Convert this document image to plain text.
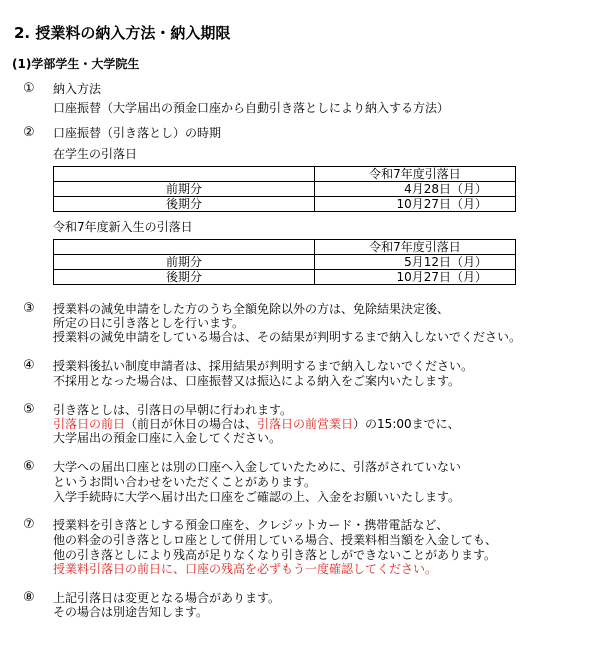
2. 授業料の納入方法・納入期限
(1)学部学生・大学院生
① 納入方法
口座振替（大学届出の預金口座から自動引き落としにより納入する方法）
② 口座振替（引き落とし）の時期
在学生の引落日
	令和7年度引落日
前期分	4月28日（月）
後期分	10月27日（月）
令和7年度新入生の引落日
	令和7年度引落日
前期分	5月12日（月）
後期分	10月27日（月）
③ 授業料の減免申請をした方のうち全額免除以外の方は、免除結果決定後、
所定の日に引き落としを行います。
授業料の減免申請をしている場合は、その結果が判明するまで納入しないでください。
④ 授業料後払い制度申請者は、採用結果が判明するまで納入しないでください。
不採用となった場合は、口座振替又は振込による納入をご案内いたします。
⑤ 引き落としは、引落日の早朝に行われます。
引落日の前日（前日が休日の場合は、引落日の前営業日）の15:00までに、
大学届出の預金口座に入金してください。
⑥ 大学への届出口座とは別の口座へ入金していたために、引落がされていない
というお問い合わせをいただくことがあります。
入学手続時に大学へ届け出た口座をご確認の上、入金をお願いいたします。
⑦ 授業料を引き落としする預金口座を、クレジットカード・携帯電話など、
他の料金の引き落としロ座として併用している場合、授業料相当額を入金しても、
他の引き落としにより残高が足りなくなり引き落としができないことがあります。
授業料引落日の前日に、口座の残高を必ずもう一度確認してください。
⑧ 上記引落日は変更となる場合があります。
その場合は別途告知します。
